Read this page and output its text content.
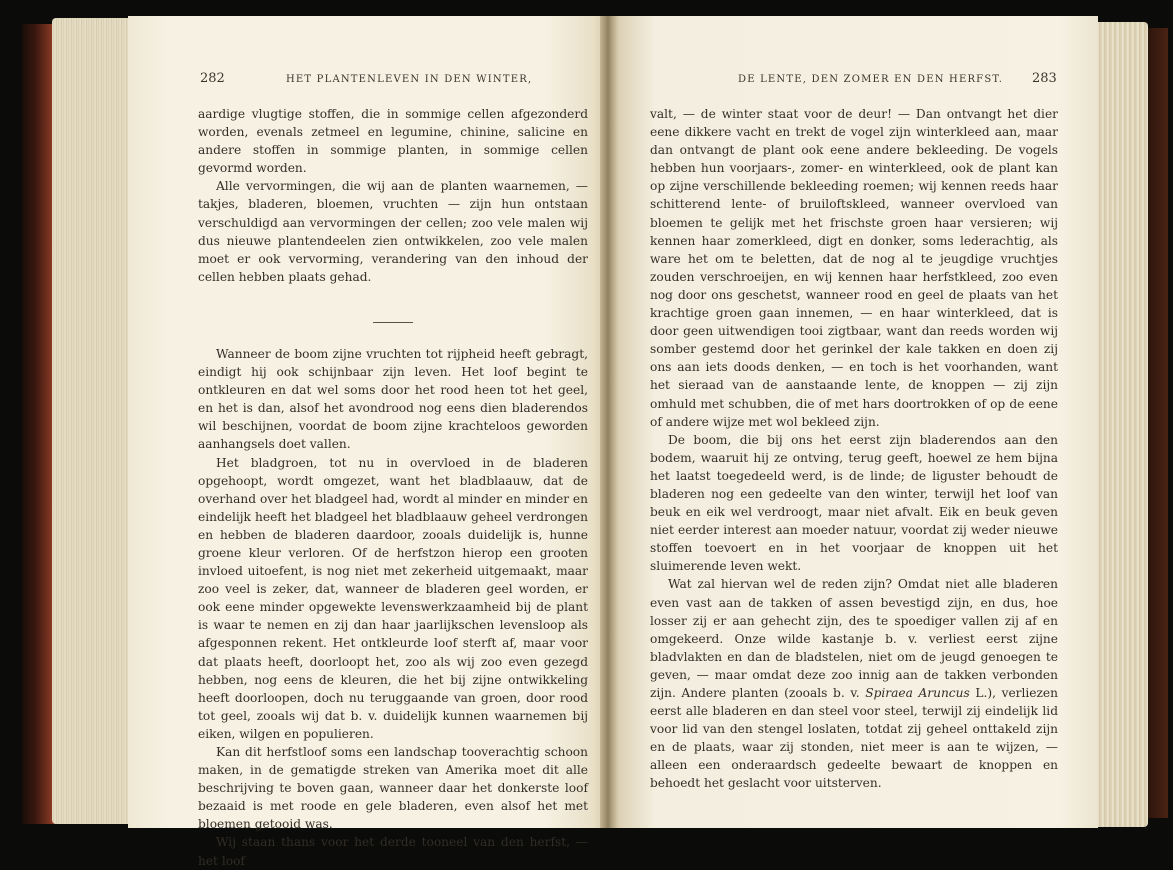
282	HET PLANTENLEVEN IN DEN WINTER,

aardige vlugtige stoffen, die in sommige cellen afgezonderd worden, evenals zetmeel en legumine, chinine, salicine en andere stoffen in sommige planten, in sommige cellen gevormd worden.

Alle vervormingen, die wij aan de planten waarnemen, — takjes, bladeren, bloemen, vruchten — zijn hun ontstaan verschuldigd aan vervormingen der cellen; zoo vele malen wij dus nieuwe plantendeelen zien ontwikkelen, zoo vele malen moet er ook vervorming, verandering van den inhoud der cellen hebben plaats gehad.

Wanneer de boom zijne vruchten tot rijpheid heeft gebragt, eindigt hij ook schijnbaar zijn leven. Het loof begint te ontkleuren en dat wel soms door het rood heen tot het geel, en het is dan, alsof het avondrood nog eens dien bladerendos wil beschijnen, voordat de boom zijne krachteloos geworden aanhangsels doet vallen.

Het bladgroen, tot nu in overvloed in de bladeren opgehoopt, wordt omgezet, want het bladblaauw, dat de overhand over het bladgeel had, wordt al minder en minder en eindelijk heeft het bladgeel het bladblaauw geheel verdrongen en hebben de bladeren daardoor, zooals duidelijk is, hunne groene kleur verloren. Of de herfstzon hierop een grooten invloed uitoefent, is nog niet met zekerheid uitgemaakt, maar zoo veel is zeker, dat, wanneer de bladeren geel worden, er ook eene minder opgewekte levenswerkzaamheid bij de plant is waar te nemen en zij dan haar jaarlijkschen levensloop als afgesponnen rekent. Het ontkleurde loof sterft af, maar voor dat plaats heeft, doorloopt het, zoo als wij zoo even gezegd hebben, nog eens de kleuren, die het bij zijne ontwikkeling heeft doorloopen, doch nu teruggaande van groen, door rood tot geel, zooals wij dat b. v. duidelijk kunnen waarnemen bij eiken, wilgen en populieren.

Kan dit herfstloof soms een landschap tooverachtig schoon maken, in de gematigde streken van Amerika moet dit alle beschrijving te boven gaan, wanneer daar het donkerste loof bezaaid is met roode en gele bladeren, even alsof het met bloemen getooid was.

Wij staan thans voor het derde tooneel van den herfst, — het loof

DE LENTE, DEN ZOMER EN DEN HERFST. 283

valt, — de winter staat voor de deur! — Dan ontvangt het dier eene dikkere vacht en trekt de vogel zijn winterkleed aan, maar dan ontvangt de plant ook eene andere bekleeding. De vogels hebben hun voorjaars-, zomer- en winterkleed, ook de plant kan op zijne verschillende bekleeding roemen; wij kennen reeds haar schitterend lente- of bruiloftskleed, wanneer overvloed van bloemen te gelijk met het frischste groen haar versieren; wij kennen haar zomerkleed, digt en donker, soms lederachtig, als ware het om te beletten, dat de nog al te jeugdige vruchtjes zouden verschroeijen, en wij kennen haar herfstkleed, zoo even nog door ons geschetst, wanneer rood en geel de plaats van het krachtige groen gaan innemen, — en haar winterkleed, dat is door geen uitwendigen tooi zigtbaar, want dan reeds worden wij somber gestemd door het gerinkel der kale takken en doen zij ons aan iets doods denken, — en toch is het voorhanden, want het sieraad van de aanstaande lente, de knoppen — zij zijn omhuld met schubben, die of met hars doortrokken of op de eene of andere wijze met wol bekleed zijn.

De boom, die bij ons het eerst zijn bladerendos aan den bodem, waaruit hij ze ontving, terug geeft, hoewel ze hem bijna het laatst toegedeeld werd, is de linde; de liguster behoudt de bladeren nog een gedeelte van den winter, terwijl het loof van beuk en eik wel verdroogt, maar niet afvalt. Eik en beuk geven niet eerder interest aan moeder natuur, voordat zij weder nieuwe stoffen toevoert en in het voorjaar de knoppen uit het sluimerende leven wekt.

Wat zal hiervan wel de reden zijn? Omdat niet alle bladeren even vast aan de takken of assen bevestigd zijn, en dus, hoe losser zij er aan gehecht zijn, des te spoediger vallen zij af en omgekeerd. Onze wilde kastanje b. v. verliest eerst zijne bladvlakten en dan de bladstelen, niet om de jeugd genoegen te geven, — maar omdat deze zoo innig aan de takken verbonden zijn. Andere planten (zooals b. v. Spiraea Aruncus L.), verliezen eerst alle bladeren en dan steel voor steel, terwijl zij eindelijk lid voor lid van den stengel loslaten, totdat zij geheel onttakeld zijn en de plaats, waar zij stonden, niet meer is aan te wijzen, — alleen een onderaardsch gedeelte bewaart de knoppen en behoedt het geslacht voor uitsterven.
